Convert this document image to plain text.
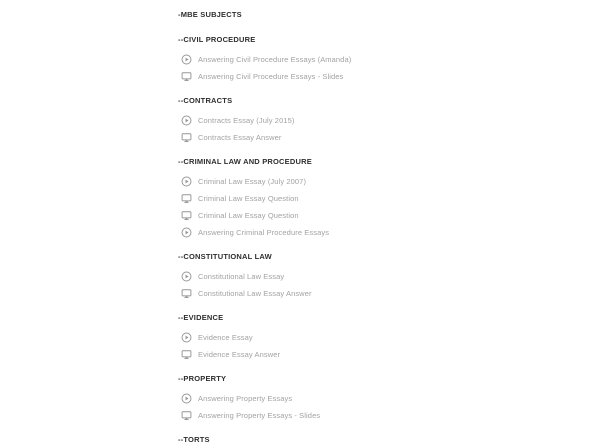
-MBE SUBJECTS
--CIVIL PROCEDURE
Answering Civil Procedure Essays (Amanda)
Answering Civil Procedure Essays - Slides
--CONTRACTS
Contracts Essay (July 2015)
Contracts Essay Answer
--CRIMINAL LAW AND PROCEDURE
Criminal Law Essay (July 2007)
Criminal Law Essay Question
Criminal Law Essay Question
Answering Criminal Procedure Essays
--CONSTITUTIONAL LAW
Constitutional Law Essay
Constitutional Law Essay Answer
--EVIDENCE
Evidence Essay
Evidence Essay Answer
--PROPERTY
Answering Property Essays
Answering Property Essays - Slides
--TORTS
